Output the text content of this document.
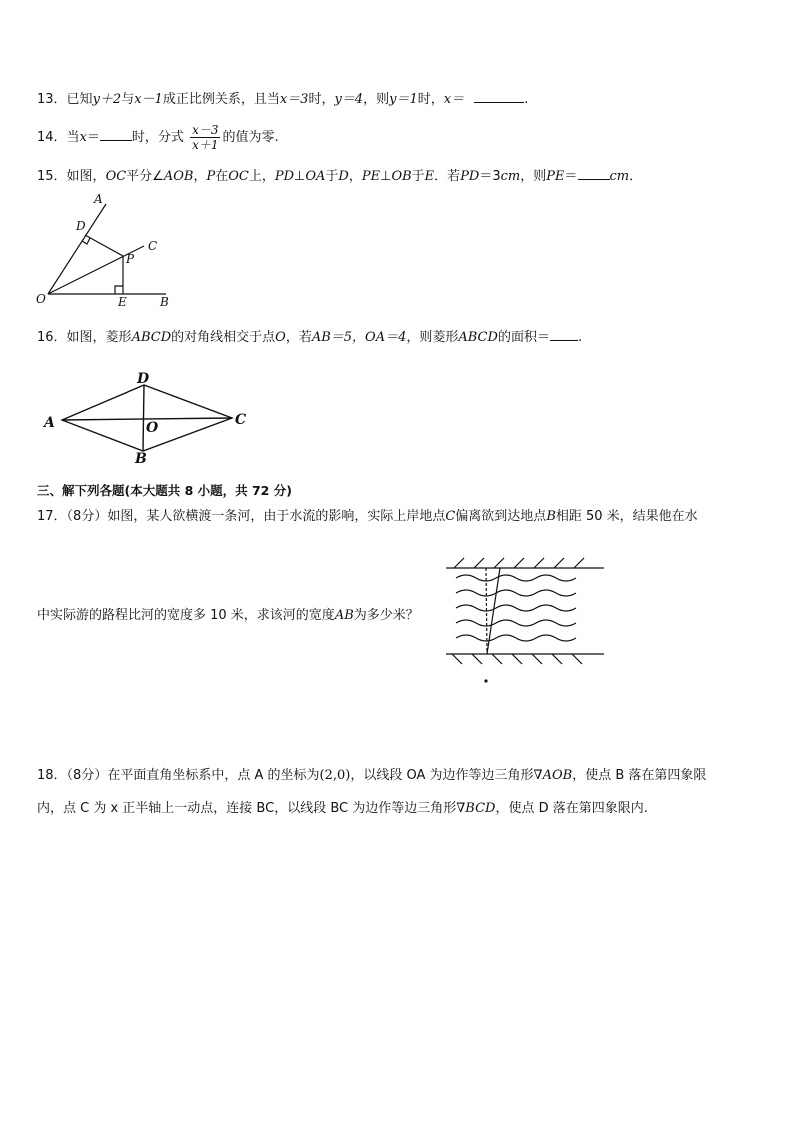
13．已知y＋2与x－1成正比例关系，且当x＝3时，y＝4，则y＝1时，x＝	.
14．当x＝ 时，分式 $\frac{x-3}{x+1}$ 的值为零.
15．如图，OC平分∠AOB，P在OC上，PD⊥OA于D，PE⊥OB于E．若PD＝3cm，则PE＝ cm．
A
D
C
P
O	E	B
16．如图，菱形ABCD的对角线相交于点O，若AB＝5，OA＝4，则菱形ABCD的面积＝ .
A
D
C
B
O
三、解下列各题(本大题共 8 小题，共 72 分)
17．（8分）如图，某人欲横渡一条河，由于水流的影响，实际上岸地点C偏离欲到达地点B相距 50 米，结果他在水
中实际游的路程比河的宽度多 10 米，求该河的宽度AB为多少米？
18．（8分）在平面直角坐标系中，点 A 的坐标为(2,0)，以线段 OA 为边作等边三角形∇AOB，使点 B 落在第四象限
内，点 C 为 x 正半轴上一动点，连接 BC，以线段 BC 为边作等边三角形∇BCD，使点 D 落在第四象限内.
